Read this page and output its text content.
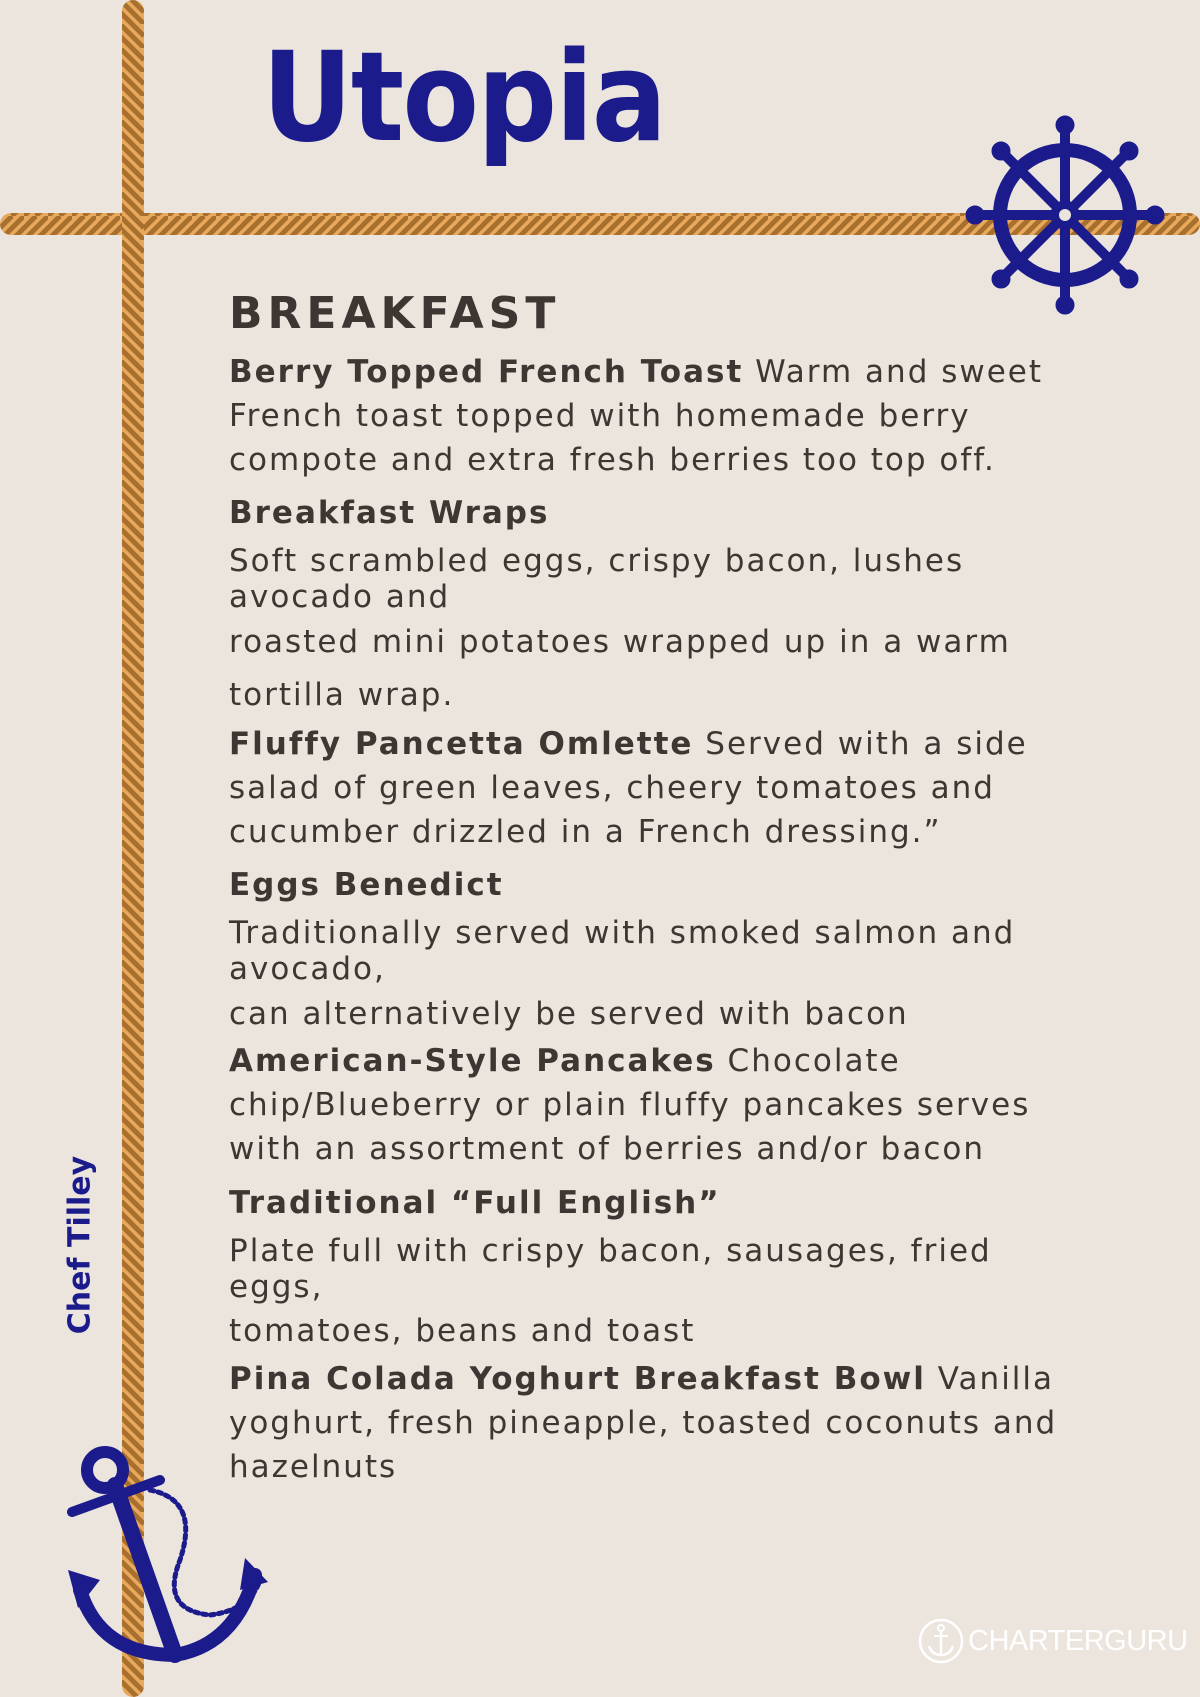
Utopia
BREAKFAST

Berry Topped French Toast Warm and sweet
French toast topped with homemade berry
compote and extra fresh berries too top off.

Breakfast Wraps

Soft scrambled eggs, crispy bacon, lushes
avocado and

roasted mini potatoes wrapped up in a warm

tortilla wrap.

Fluffy Pancetta Omlette Served with a side
salad of green leaves, cheery tomatoes and
cucumber drizzled in a French dressing.”

Eggs Benedict

Traditionally served with smoked salmon and
avocado,

can alternatively be served with bacon

American-Style Pancakes Chocolate
chip/Blueberry or plain fluffy pancakes serves
with an assortment of berries and/or bacon

Traditional “Full English”

Plate full with crispy bacon, sausages, fried
eggs,

tomatoes, beans and toast

Pina Colada Yoghurt Breakfast Bowl Vanilla
yoghurt, fresh pineapple, toasted coconuts and
hazelnuts

Chef Tilley
CHARTERGURU
